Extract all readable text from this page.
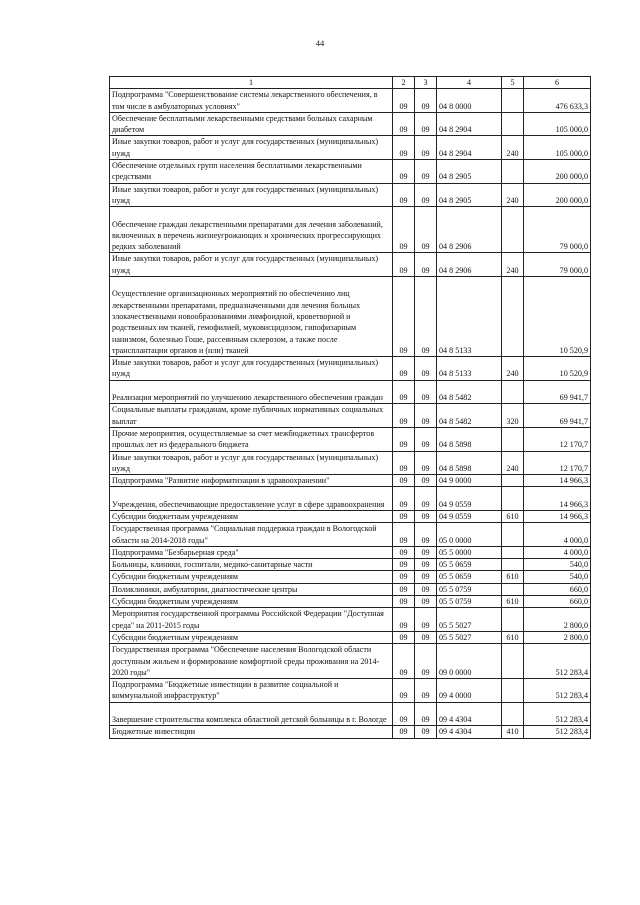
44
1	2	3	4	5	6
Подпрограмма "Совершенствование системы лекарственного обеспечения, в том числе в амбулаторных условиях"	09	09	04 8 0000		476 633,3
Обеспечение бесплатными лекарственными средствами больных сахарным диабетом	09	09	04 8 2904		105 000,0
Иные закупки товаров, работ и услуг для государственных (муниципальных) нужд	09	09	04 8 2904	240	105 000,0
Обеспечение отдельных групп населения бесплатными лекарственными средствами	09	09	04 8 2905		200 000,0
Иные закупки товаров, работ и услуг для государственных (муниципальных) нужд	09	09	04 8 2905	240	200 000,0
Обеспечение граждан лекарственными препаратами для лечения заболеваний, включенных в перечень жизнеугрожающих и хронических прогрессирующих редких заболеваний	09	09	04 8 2906		79 000,0
Иные закупки товаров, работ и услуг для государственных (муниципальных) нужд	09	09	04 8 2906	240	79 000,0
Осуществление организационных мероприятий по обеспечению лиц лекарственными препаратами, предназначенными для лечения больных злокачественными новообразованиями лимфоидной, кроветворной и родственных им тканей, гемофилией, муковисцидозом, гипофизарным нанизмом, болезнью Гоше, рассеянным склерозом, а также после трансплантации органов и (или) тканей	09	09	04 8 5133		10 520,9
Иные закупки товаров, работ и услуг для государственных (муниципальных) нужд	09	09	04 8 5133	240	10 520,9
Реализация мероприятий по улучшению лекарственного обеспечения граждан	09	09	04 8 5482		69 941,7
Социальные выплаты гражданам, кроме публичных нормативных социальных выплат	09	09	04 8 5482	320	69 941,7
Прочие мероприятия, осуществляемые за счет межбюджетных трансфертов прошлых лет из федерального бюджета	09	09	04 8 5898		12 170,7
Иные закупки товаров, работ и услуг для государственных (муниципальных) нужд	09	09	04 8 5898	240	12 170,7
Подпрограмма "Развитие информатизации в здравоохранении"	09	09	04 9 0000		14 966,3
Учреждения, обеспечивающие предоставление услуг в сфере здравоохранения	09	09	04 9 0559		14 966,3
Субсидии бюджетным учреждениям	09	09	04 9 0559	610	14 966,3
Государственная программа "Социальная поддержка граждан в Вологодской области на 2014-2018 годы"	09	09	05 0 0000		4 000,0
Подпрограмма "Безбарьерная среда"	09	09	05 5 0000		4 000,0
Больницы, клиники, госпитали, медико-санитарные части	09	09	05 5 0659		540,0
Субсидии бюджетным учреждениям	09	09	05 5 0659	610	540,0
Поликлиники, амбулатории, диагностические центры	09	09	05 5 0759		660,0
Субсидии бюджетным учреждениям	09	09	05 5 0759	610	660,0
Мероприятия государственной программы Российской Федерации "Доступная среда" на 2011-2015 годы	09	09	05 5 5027		2 800,0
Субсидии бюджетным учреждениям	09	09	05 5 5027	610	2 800,0
Государственная программа "Обеспечение населения Вологодской области доступным жильем и формирование комфортной среды проживания на 2014-2020 годы"	09	09	09 0 0000		512 283,4
Подпрограмма "Бюджетные инвестиции в развитие социальной и коммунальной инфраструктур"	09	09	09 4 0000		512 283,4
Завершение строительства комплекса областной детской больницы в г. Вологде	09	09	09 4 4304		512 283,4
Бюджетные инвестиции	09	09	09 4 4304	410	512 283,4
